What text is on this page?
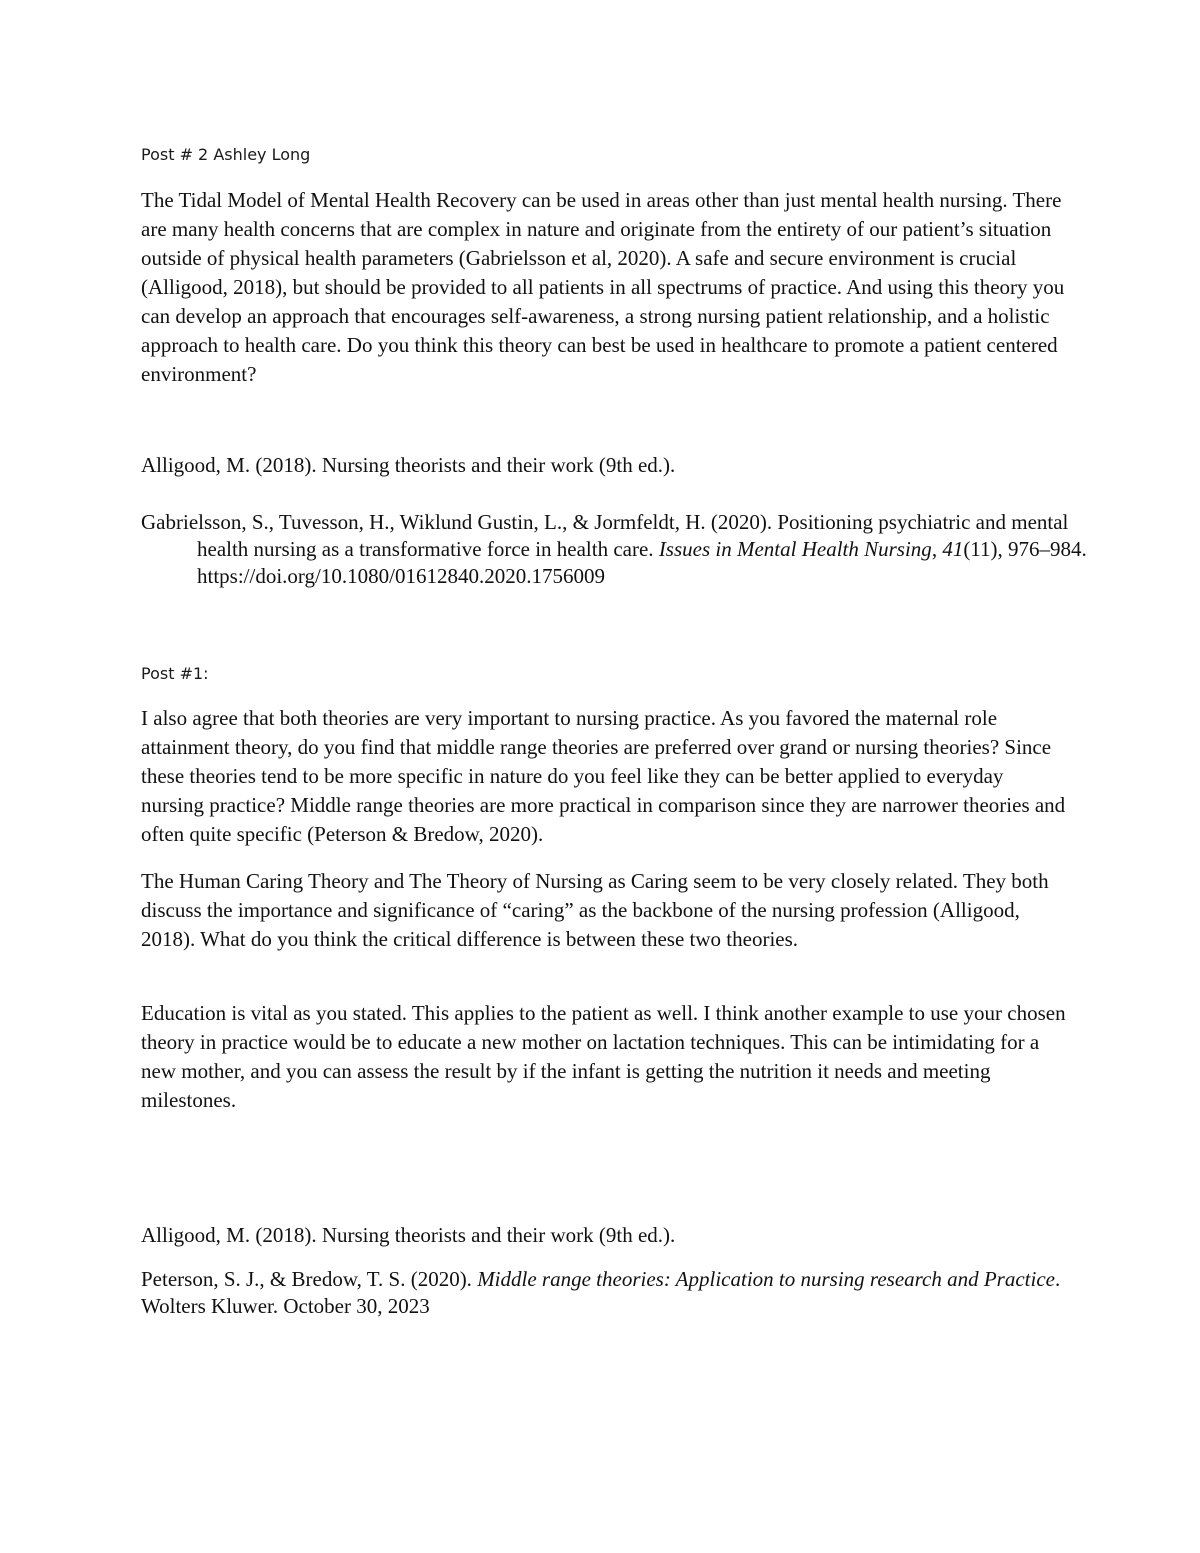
Post # 2 Ashley Long

The Tidal Model of Mental Health Recovery can be used in areas other than just mental health nursing. There are many health concerns that are complex in nature and originate from the entirety of our patient’s situation outside of physical health parameters (Gabrielsson et al, 2020). A safe and secure environment is crucial (Alligood, 2018), but should be provided to all patients in all spectrums of practice. And using this theory you can develop an approach that encourages self-awareness, a strong nursing patient relationship, and a holistic approach to health care. Do you think this theory can best be used in healthcare to promote a patient centered environment?

Alligood, M. (2018). Nursing theorists and their work (9th ed.).

Gabrielsson, S., Tuvesson, H., Wiklund Gustin, L., & Jormfeldt, H. (2020). Positioning psychiatric and mental health nursing as a transformative force in health care. Issues in Mental Health Nursing, 41(11), 976–984. https://doi.org/10.1080/01612840.2020.1756009

Post #1:

I also agree that both theories are very important to nursing practice. As you favored the maternal role attainment theory, do you find that middle range theories are preferred over grand or nursing theories? Since these theories tend to be more specific in nature do you feel like they can be better applied to everyday nursing practice? Middle range theories are more practical in comparison since they are narrower theories and often quite specific (Peterson & Bredow, 2020).

The Human Caring Theory and The Theory of Nursing as Caring seem to be very closely related. They both discuss the importance and significance of “caring” as the backbone of the nursing profession (Alligood, 2018). What do you think the critical difference is between these two theories.

Education is vital as you stated. This applies to the patient as well. I think another example to use your chosen theory in practice would be to educate a new mother on lactation techniques. This can be intimidating for a new mother, and you can assess the result by if the infant is getting the nutrition it needs and meeting milestones.

Alligood, M. (2018). Nursing theorists and their work (9th ed.).

Peterson, S. J., & Bredow, T. S. (2020). Middle range theories: Application to nursing research and Practice. Wolters Kluwer. October 30, 2023
